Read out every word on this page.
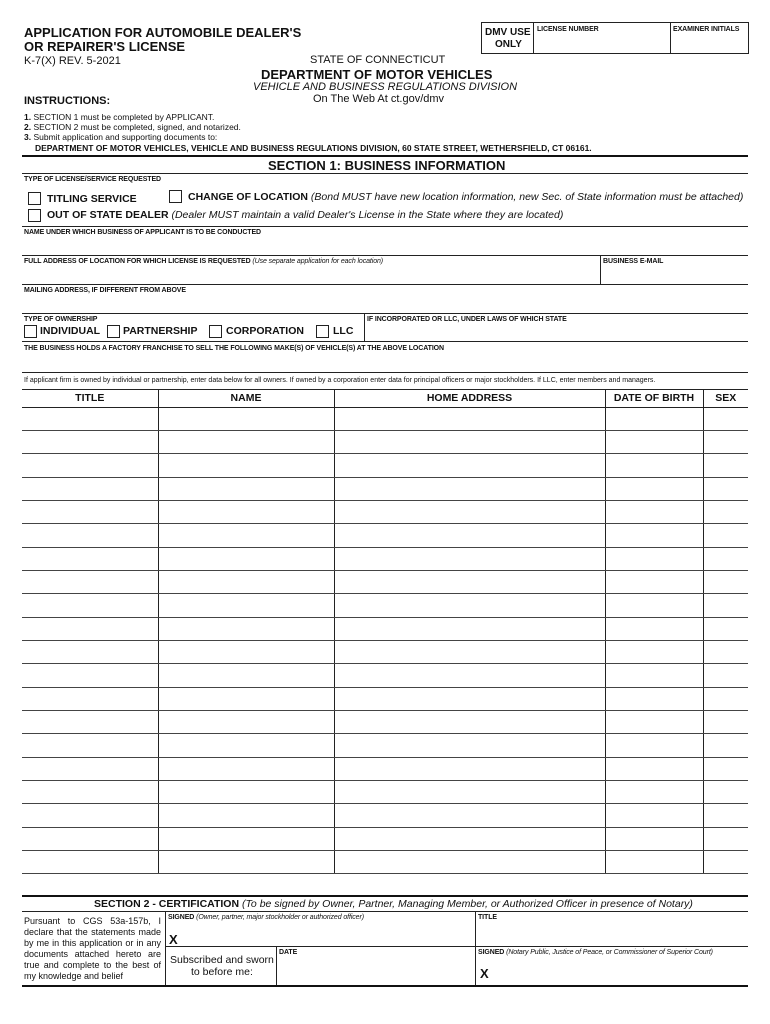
APPLICATION FOR AUTOMOBILE DEALER'S
OR REPAIRER'S LICENSE
K-7(X) REV. 5-2021	STATE OF CONNECTICUT
DEPARTMENT OF MOTOR VEHICLES
VEHICLE AND BUSINESS REGULATIONS DIVISION
On The Web At ct.gov/dmv
DMV USE
ONLY
LICENSE NUMBER	EXAMINER INITIALS
INSTRUCTIONS:
1. SECTION 1 must be completed by APPLICANT.
2. SECTION 2 must be completed, signed, and notarized.
3. Submit application and supporting documents to:
DEPARTMENT OF MOTOR VEHICLES, VEHICLE AND BUSINESS REGULATIONS DIVISION, 60 STATE STREET, WETHERSFIELD, CT 06161.
SECTION 1: BUSINESS INFORMATION
TYPE OF LICENSE/SERVICE REQUESTED
TITLING SERVICE	CHANGE OF LOCATION (Bond MUST have new location information, new Sec. of State information must be attached)
OUT OF STATE DEALER (Dealer MUST maintain a valid Dealer's License in the State where they are located)
NAME UNDER WHICH BUSINESS OF APPLICANT IS TO BE CONDUCTED
FULL ADDRESS OF LOCATION FOR WHICH LICENSE IS REQUESTED (Use separate application for each location)	BUSINESS E-MAIL
MAILING ADDRESS, IF DIFFERENT FROM ABOVE
TYPE OF OWNERSHIP
INDIVIDUAL PARTNERSHIP	CORPORATION	LLC
IF INCORPORATED OR LLC, UNDER LAWS OF WHICH STATE
THE BUSINESS HOLDS A FACTORY FRANCHISE TO SELL THE FOLLOWING MAKE(S) OF VEHICLE(S) AT THE ABOVE LOCATION
If applicant firm is owned by individual or partnership, enter data below for all owners. If owned by a corporation enter data for principal officers or major stockholders. If LLC, enter members and managers.
TITLE	NAME	HOME ADDRESS	DATE OF BIRTH	SEX

SECTION 2 - CERTIFICATION (To be signed by Owner, Partner, Managing Member, or Authorized Officer in presence of Notary)
Pursuant to CGS 53a-157b, I declare that the statements made by me in this application or in any documents attached hereto are true and complete to the best of my knowledge and belief
SIGNED (Owner, partner, major stockholder or authorized officer)
X
TITLE
Subscribed and sworn
to before me:
DATE	SIGNED (Notary Public, Justice of Peace, or Commissioner of Superior Court)
X
